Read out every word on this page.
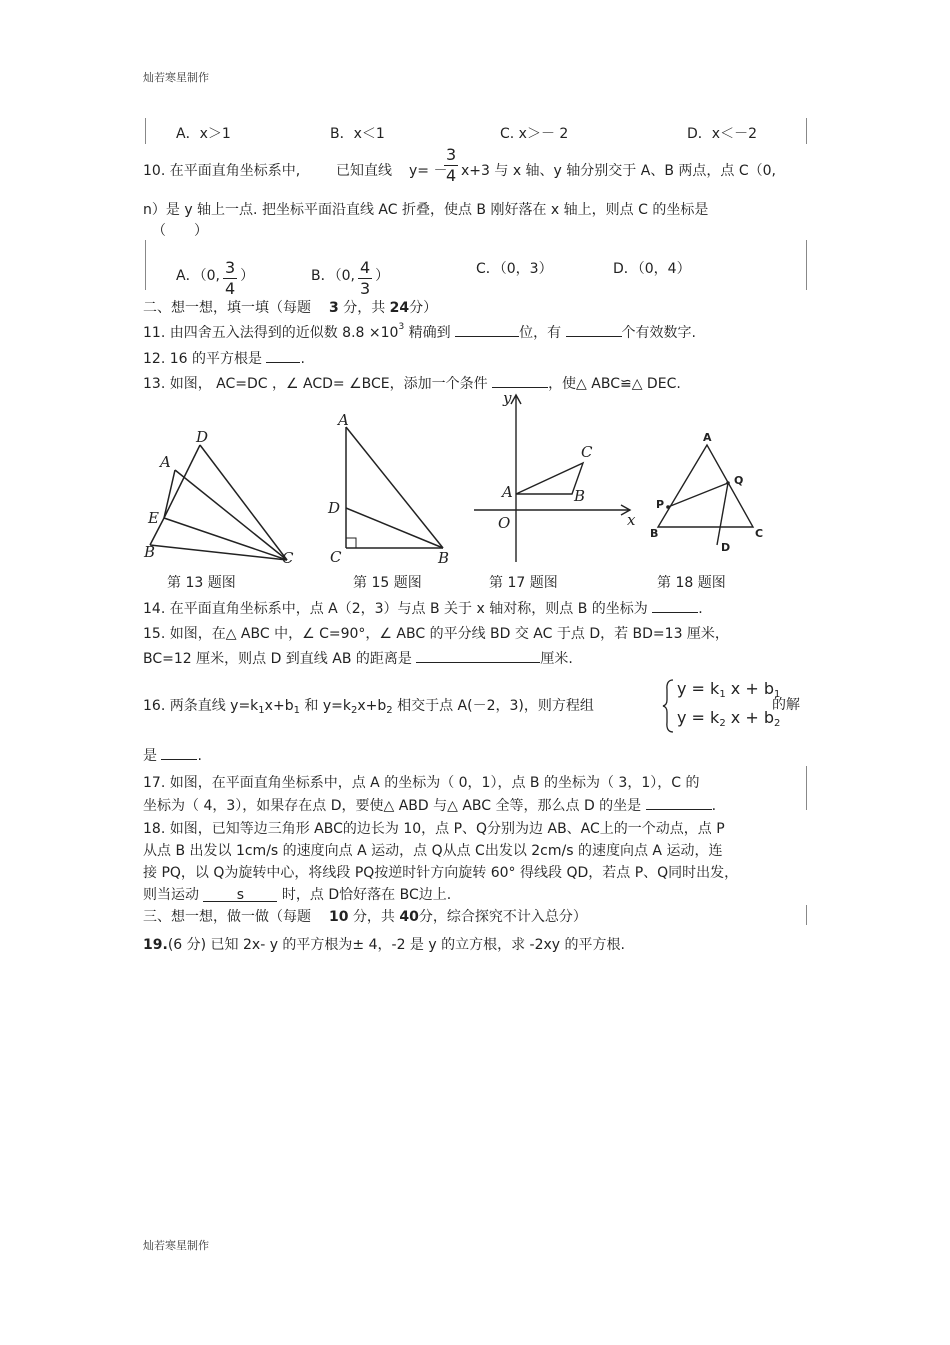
灿若寒星制作
灿若寒星制作
A．x＞1	B．x＜1	C. x＞－ 2	D．x＜－2
10. 在平面直角坐标系中,	已知直线 y= －
$\frac{3}{4} x+3$ 与 x 轴、y 轴分别交于 A、B 两点，点 C（0,
n）是 y 轴上一点. 把坐标平面沿直线 AC 折叠，使点 B 刚好落在 x 轴上，则点 C 的坐标是
（　　）
A．（0, $\frac{3}{4}$ ）	B．（0, $\frac{4}{3}$ ）	C．（0，3）	D．（0，4）
二、想一想，填一填（每题 3 分，共 24分）
11. 由四舍五入法得到的近似数 $8.8 \times 10^3$ 精确到	位，有	个有效数字.
12. 16 的平方根是	.
13. 如图， AC=DC ，∠ ACD= ∠BCE，添加一个条件	，使△ ABC≌△ DEC.
D
A
E
B	C
第 13 题图
A
D
C	B
第 15 题图
y
x
O
A	B
C
第 17 题图
A
Q
P
B	C
D
第 18 题图
14. 在平面直角坐标系中，点 A（2，3）与点 B 关于 x 轴对称，则点 B 的坐标为	.
15. 如图，在△ ABC 中，∠ C=90°，∠ ABC 的平分线 BD 交 AC 于点 D，若 BD=13 厘米，
BC=12 厘米，则点 D 到直线 AB 的距离是	厘米.
16. 两条直线 $y=k_1x+b_1$ 和 $y=k_2x+b_2$ 相交于点 A(－2，3)，则方程组
y = k1 x + b1
y = k2 x + b2
的解
是	.
17. 如图，在平面直角坐标系中，点 A 的坐标为（ 0，1），点 B 的坐标为（ 3，1），C 的
坐标为（ 4，3），如果存在点 D，要使△ ABD 与△ ABC 全等，那么点 D 的坐是	.
18. 如图，已知等边三角形 ABC的边长为 10，点 P、Q分别为边 AB、AC上的一个动点，点 P
从点 B 出发以 1cm/s 的速度向点 A 运动，点 Q从点 C出发以 2cm/s 的速度向点 A 运动，连
接 PQ，以 Q为旋转中心，将线段 PQ按逆时针方向旋转 60° 得线段 QD，若点 P、Q同时出发，
则当运动	s	时，点 D恰好落在 BC边上.
三、想一想，做一做（每题 10 分，共 40分，综合探究不计入总分）
19.(6 分) 已知 2x- y 的平方根为± 4，-2 是 y 的立方根，求 -2xy 的平方根.
